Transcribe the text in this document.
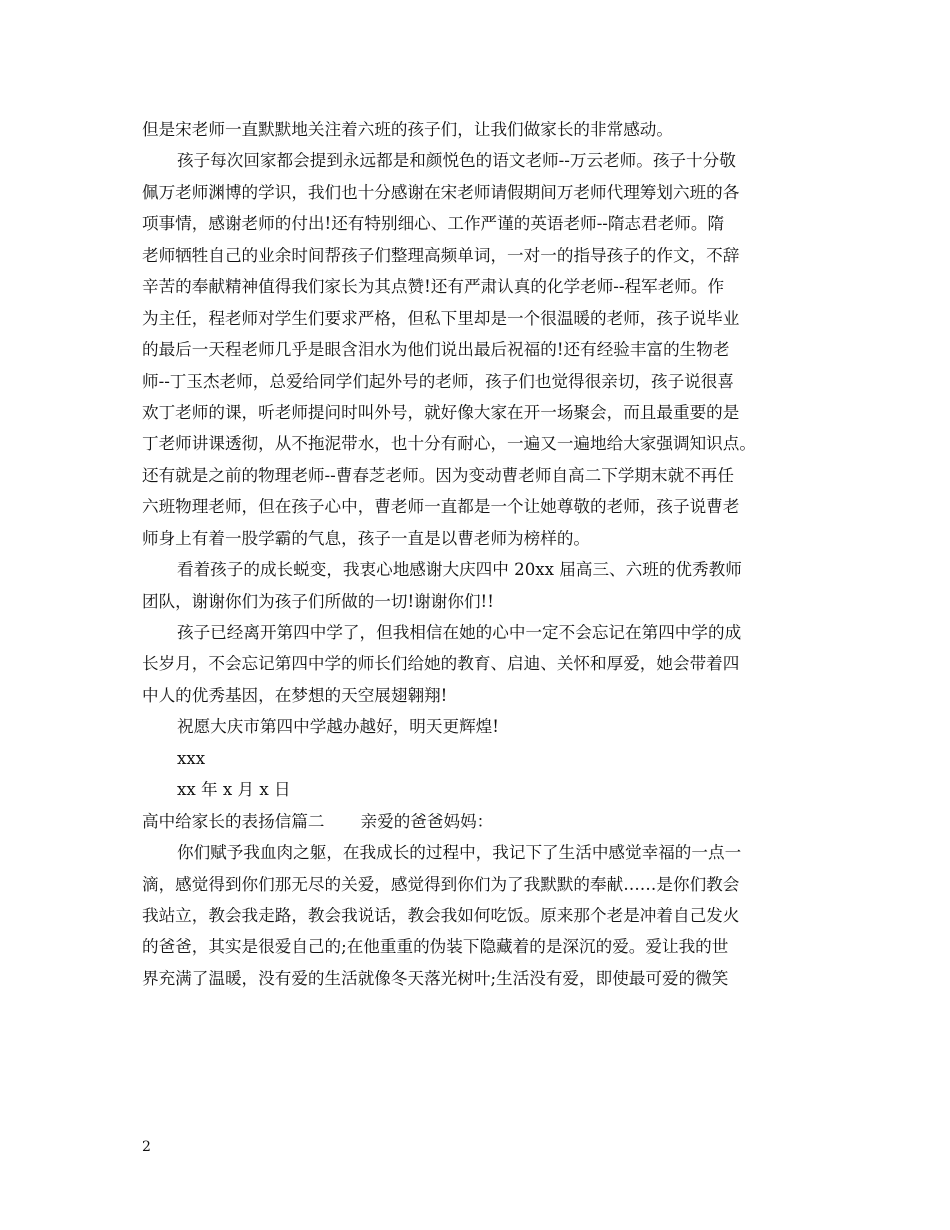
但是宋老师一直默默地关注着六班的孩子们，让我们做家长的非常感动。
孩子每次回家都会提到永远都是和颜悦色的语文老师--万云老师。孩子十分敬
佩万老师渊博的学识，我们也十分感谢在宋老师请假期间万老师代理筹划六班的各
项事情，感谢老师的付出!还有特别细心、工作严谨的英语老师--隋志君老师。隋
老师牺牲自己的业余时间帮孩子们整理高频单词，一对一的指导孩子的作文，不辞
辛苦的奉献精神值得我们家长为其点赞!还有严肃认真的化学老师--程军老师。作
为主任，程老师对学生们要求严格，但私下里却是一个很温暖的老师，孩子说毕业
的最后一天程老师几乎是眼含泪水为他们说出最后祝福的!还有经验丰富的生物老
师--丁玉杰老师，总爱给同学们起外号的老师，孩子们也觉得很亲切，孩子说很喜
欢丁老师的课，听老师提问时叫外号，就好像大家在开一场聚会，而且最重要的是
丁老师讲课透彻，从不拖泥带水，也十分有耐心，一遍又一遍地给大家强调知识点。
还有就是之前的物理老师--曹春芝老师。因为变动曹老师自高二下学期末就不再任
六班物理老师，但在孩子心中，曹老师一直都是一个让她尊敬的老师，孩子说曹老
师身上有着一股学霸的气息，孩子一直是以曹老师为榜样的。
看着孩子的成长蜕变，我衷心地感谢大庆四中 20xx 届高三、六班的优秀教师
团队，谢谢你们为孩子们所做的一切!谢谢你们!!
孩子已经离开第四中学了，但我相信在她的心中一定不会忘记在第四中学的成
长岁月，不会忘记第四中学的师长们给她的教育、启迪、关怀和厚爱，她会带着四
中人的优秀基因，在梦想的天空展翅翱翔!
祝愿大庆市第四中学越办越好，明天更辉煌!
xxx
xx 年 x 月 x 日
高中给家长的表扬信篇二 亲爱的爸爸妈妈：
你们赋予我血肉之躯，在我成长的过程中，我记下了生活中感觉幸福的一点一
滴，感觉得到你们那无尽的关爱，感觉得到你们为了我默默的奉献……是你们教会
我站立，教会我走路，教会我说话，教会我如何吃饭。原来那个老是冲着自己发火
的爸爸，其实是很爱自己的;在他重重的伪装下隐藏着的是深沉的爱。爱让我的世
界充满了温暖，没有爱的生活就像冬天落光树叶;生活没有爱，即使最可爱的微笑
2
